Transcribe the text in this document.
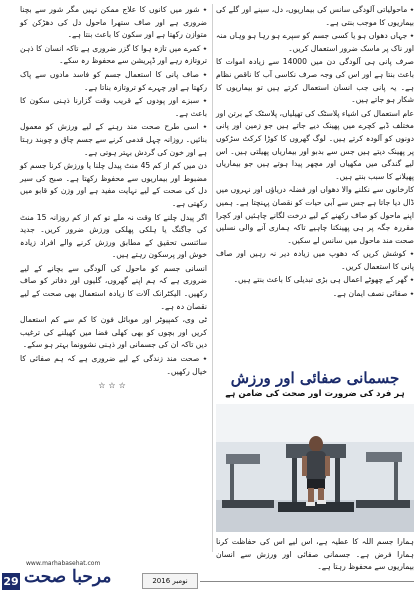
٭ ماحولیاتی آلودگی سانس کی بیماریوں، دل، سینے اور گلے کی بیماریوں کا موجب بنتی ہے۔

٭ جہاں دھواں ہو یا کسی جسم کو سپرے ہو رہا ہو وہاں منہ اور ناک پر ماسک ضرور استعمال کریں۔

صرف پانی ہی آلودگی دن میں 14000 سے زیادہ اموات کا باعث بنتا ہے اور اس کی وجہ صرف نکاسی آب کا ناقص نظام ہے۔ یہ پانی جب انسان استعمال کرتے ہیں تو بیماریوں کا شکار ہو جاتے ہیں۔

عام استعمال کی اشیاء پلاسٹک کی تھیلیاں، پلاسٹک کے برتن اور مختلف ڈبے کچرے میں پھینک دیے جاتے ہیں جو زمین اور پانی دونوں کو آلودہ کرتے ہیں۔ لوگ گھروں کا کوڑا کرکٹ سڑکوں پر پھینک دیتے ہیں جس سے بدبو اور بیماریاں پھیلتی ہیں۔ اس لیے گندگی میں مکھیاں اور مچھر پیدا ہوتے ہیں جو بیماریاں پھیلانے کا سبب بنتے ہیں۔

کارخانوں سے نکلنے والا دھواں اور فضلہ دریاؤں اور نہروں میں ڈال دیا جاتا ہے جس سے آبی حیات کو نقصان پہنچتا ہے۔ ہمیں اپنے ماحول کو صاف رکھنے کے لیے درخت لگانے چاہئیں اور کچرا مقررہ جگہ پر ہی پھینکنا چاہیے تاکہ ہماری آنے والی نسلیں صحت مند ماحول میں سانس لے سکیں۔

٭ کوشش کریں کہ دھوپ میں زیادہ دیر نہ رہیں اور صاف پانی کا استعمال کریں۔

٭ گھر کے چھوٹے اعمال ہی بڑی تبدیلی کا باعث بنتے ہیں۔

٭ صفائی نصف ایمان ہے۔

جسمانی صفائی اور ورزش
ہر فرد کی ضرورت اور صحت کی ضامن ہے

ہمارا جسم اللہ کا عطیہ ہے، اس لیے اس کی حفاظت کرنا ہمارا فرض ہے۔ جسمانی صفائی اور ورزش سے انسان بیماریوں سے محفوظ رہتا ہے۔

٭ شور میں کانوں کا علاج ممکن نہیں مگر شور سے بچنا ضروری ہے اور صاف ستھرا ماحول دل کی دھڑکن کو متوازن رکھتا ہے اور سکون کا باعث بنتا ہے۔

٭ کمرے میں تازہ ہوا کا گزر ضروری ہے تاکہ انسان کا ذہن تروتازہ رہے اور ڈپریشن سے محفوظ رہ سکے۔

٭ صاف پانی کا استعمال جسم کو فاسد مادوں سے پاک رکھتا ہے اور چہرے کو تروتازہ بناتا ہے۔

٭ سبزے اور پودوں کے قریب وقت گزارنا ذہنی سکون کا باعث ہے۔

٭ اسی طرح صحت مند رہنے کے لیے ورزش کو معمول بنائیں۔ روزانہ چہل قدمی کرنے سے جسم چاق و چوبند رہتا ہے اور خون کی گردش بہتر ہوتی ہے۔

دن میں کم از کم 45 منٹ پیدل چلنا یا ورزش کرنا جسم کو مضبوط اور بیماریوں سے محفوظ رکھتا ہے۔ صبح کی سیر دل کی صحت کے لیے نہایت مفید ہے اور وزن کو قابو میں رکھتی ہے۔

اگر پیدل چلنے کا وقت نہ ملے تو کم از کم روزانہ 15 منٹ کی جاگنگ یا ہلکی پھلکی ورزش ضرور کریں۔ جدید سائنسی تحقیق کے مطابق ورزش کرنے والے افراد زیادہ خوش اور پرسکون رہتے ہیں۔

انسانی جسم کو ماحول کی آلودگی سے بچانے کے لیے ضروری ہے کہ ہم اپنے گھروں، گلیوں اور دفاتر کو صاف رکھیں۔ الیکٹرانک آلات کا زیادہ استعمال بھی صحت کے لیے نقصان دہ ہے۔

ٹی وی، کمپیوٹر اور موبائل فون کا کم سے کم استعمال کریں اور بچوں کو بھی کھلی فضا میں کھیلنے کی ترغیب دیں تاکہ ان کی جسمانی اور ذہنی نشوونما بہتر ہو سکے۔

٭ صحت مند زندگی کے لیے ضروری ہے کہ ہم صفائی کا خیال رکھیں۔

☆☆☆
29
www.marhabasehat.com
مرحبا صحت	نومبر 2016
